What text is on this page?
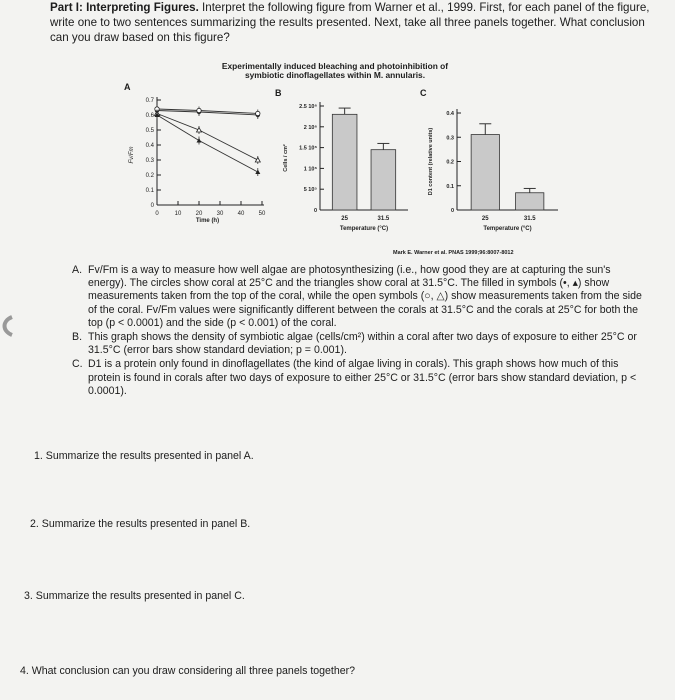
Part I: Interpreting Figures. Interpret the following figure from Warner et al., 1999. First, for each panel of the figure, write one to two sentences summarizing the results presented. Next, take all three panels together. What conclusion can you draw based on this figure?
Experimentally induced bleaching and photoinhibition of
symbiotic dinoflagellates within M. annularis.
A
B	C
0
0.1
0.2
0.3
0.4
0.5
0.6
0.7
0	10 20 30 40 50
Fv/Fm
Time (h)
0
5 10⁵
1 10⁶
1.5 10⁶
2 10⁶
2.5 10⁶
25	31.5
Temperature (°C)
Cells / cm²
0
0.1
0.2
0.3
0.4
25	31.5
Temperature (°C)
D1 content (relative units)
Mark E. Warner et al. PNAS 1999;96:8007-8012
A. Fv/Fm is a way to measure how well algae are photosynthesizing (i.e., how good they are at capturing the sun's energy). The circles show coral at 25°C and the triangles show coral at 31.5°C. The filled in symbols (•, ▴) show measurements taken from the top of the coral, while the open symbols (○, △) show measurements taken from the side of the coral. Fv/Fm values were significantly different between the corals at 31.5°C and the corals at 25°C for both the top (p < 0.0001) and the side (p < 0.001) of the coral.
B. This graph shows the density of symbiotic algae (cells/cm²) within a coral after two days of exposure to either 25°C or 31.5°C (error bars show standard deviation; p = 0.001).
C. D1 is a protein only found in dinoflagellates (the kind of algae living in corals). This graph shows how much of this protein is found in corals after two days of exposure to either 25°C or 31.5°C (error bars show standard deviation, p < 0.0001).
1. Summarize the results presented in panel A.
2. Summarize the results presented in panel B.
3. Summarize the results presented in panel C.
4. What conclusion can you draw considering all three panels together?
